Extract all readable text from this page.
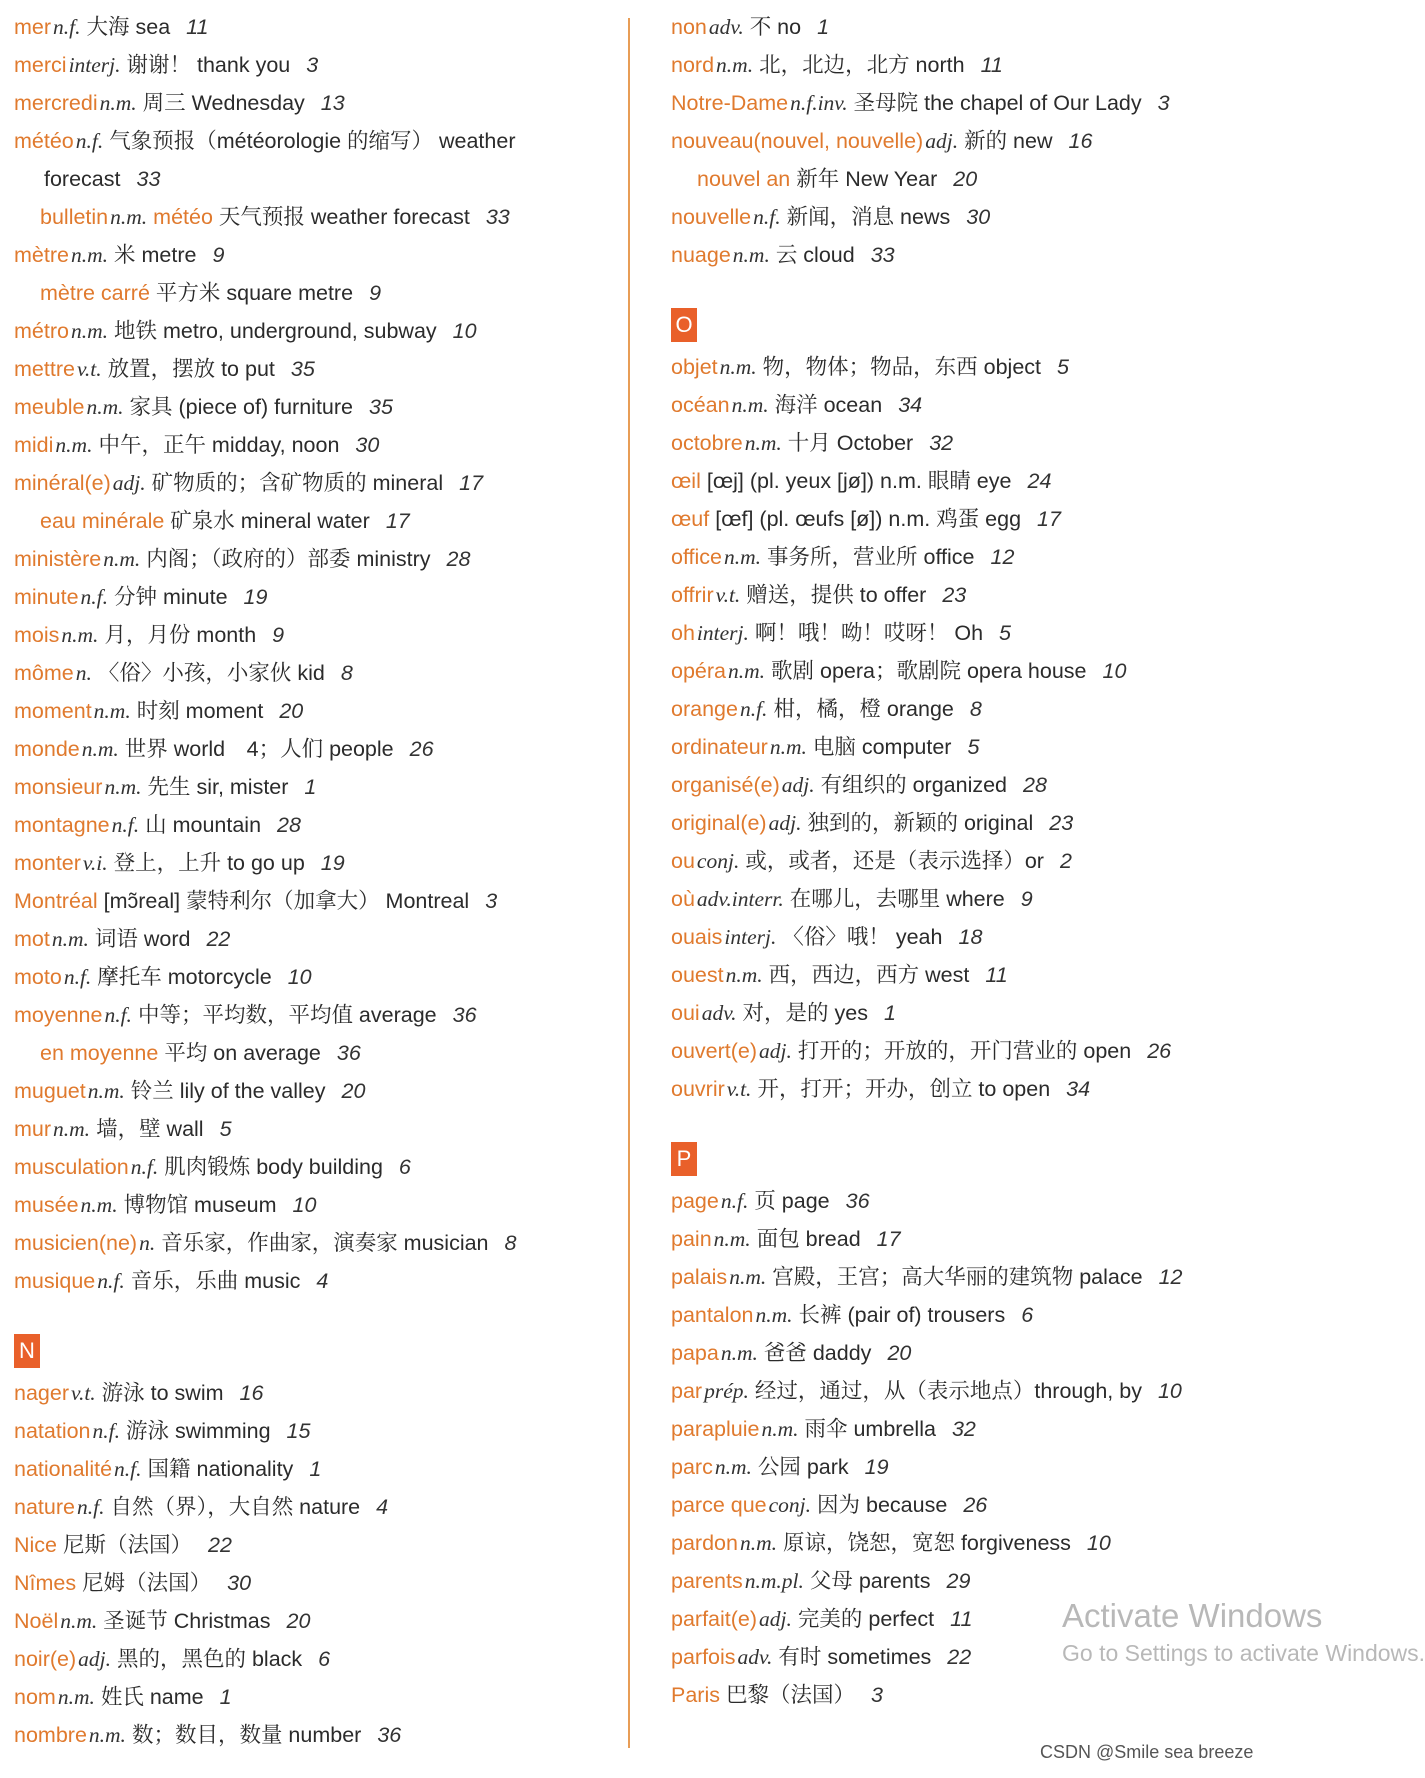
mern.f. 大海 sea 11
merciinterj. 谢谢！ thank you 3
mercredin.m. 周三 Wednesday 13
météon.f. 气象预报（météorologie 的缩写） weather
forecast 33
bulletinn.m. météo 天气预报 weather forecast 33
mètren.m. 米 metre 9
mètre carré 平方米 square metre 9
métron.m. 地铁 metro, underground, subway 10
mettrev.t. 放置，摆放 to put 35
meublen.m. 家具 (piece of) furniture 35
midin.m. 中午，正午 midday, noon 30
minéral(e)adj. 矿物质的；含矿物质的 mineral 17
eau minérale 矿泉水 mineral water 17
ministèren.m. 内阁；（政府的）部委 ministry 28
minuten.f. 分钟 minute 19
moisn.m. 月，月份 month 9
mômen. 〈俗〉小孩，小家伙 kid 8
momentn.m. 时刻 moment 20
monden.m. 世界 world　4；人们 people 26
monsieurn.m. 先生 sir, mister 1
montagnen.f. 山 mountain 28
monterv.i. 登上，上升 to go up 19
Montréal [mɔ̃real] 蒙特利尔（加拿大） Montreal 3
motn.m. 词语 word 22
moton.f. 摩托车 motorcycle 10
moyennen.f. 中等；平均数，平均值 average 36
en moyenne 平均 on average 36
muguetn.m. 铃兰 lily of the valley 20
murn.m. 墙，壁 wall 5
musculationn.f. 肌肉锻炼 body building 6
muséen.m. 博物馆 museum 10
musicien(ne)n. 音乐家，作曲家，演奏家 musician 8
musiquen.f. 音乐，乐曲 music 4
N
nagerv.t. 游泳 to swim 16
natationn.f. 游泳 swimming 15
nationalitén.f. 国籍 nationality 1
naturen.f. 自然（界），大自然 nature 4
Nice 尼斯（法国） 22
Nîmes 尼姆（法国） 30
Noëln.m. 圣诞节 Christmas 20
noir(e)adj. 黑的，黑色的 black 6
nomn.m. 姓氏 name 1
nombren.m. 数；数目，数量 number 36
nonadv. 不 no 1
nordn.m. 北，北边，北方 north 11
Notre-Damen.f.inv. 圣母院 the chapel of Our Lady 3
nouveau(nouvel, nouvelle)adj. 新的 new 16
nouvel an 新年 New Year 20
nouvellen.f. 新闻，消息 news 30
nuagen.m. 云 cloud 33
O
objetn.m. 物，物体；物品，东西 object 5
océann.m. 海洋 ocean 34
octobren.m. 十月 October 32
œil [œj] (pl. yeux [jø]) n.m. 眼睛 eye 24
œuf [œf] (pl. œufs [ø]) n.m. 鸡蛋 egg 17
officen.m. 事务所，营业所 office 12
offrirv.t. 赠送，提供 to offer 23
ohinterj. 啊！哦！呦！哎呀！ Oh 5
opéran.m. 歌剧 opera；歌剧院 opera house 10
orangen.f. 柑，橘，橙 orange 8
ordinateurn.m. 电脑 computer 5
organisé(e)adj. 有组织的 organized 28
original(e)adj. 独到的，新颖的 original 23
ouconj. 或，或者，还是（表示选择）or 2
oùadv.interr. 在哪儿，去哪里 where 9
ouaisinterj. 〈俗〉哦！ yeah 18
ouestn.m. 西，西边，西方 west 11
ouiadv. 对，是的 yes 1
ouvert(e)adj. 打开的；开放的，开门营业的 open 26
ouvrirv.t. 开，打开；开办，创立 to open 34
P
pagen.f. 页 page 36
painn.m. 面包 bread 17
palaisn.m. 宫殿，王宫；高大华丽的建筑物 palace 12
pantalonn.m. 长裤 (pair of) trousers 6
papan.m. 爸爸 daddy 20
parprép. 经过，通过，从（表示地点）through, by 10
parapluien.m. 雨伞 umbrella 32
parcn.m. 公园 park 19
parce queconj. 因为 because 26
pardonn.m. 原谅，饶恕，宽恕 forgiveness 10
parentsn.m.pl. 父母 parents 29
parfait(e)adj. 完美的 perfect 11
parfoisadv. 有时 sometimes 22
Paris 巴黎（法国） 3
Activate Windows
Go to Settings to activate Windows.
CSDN @Smile sea breeze
